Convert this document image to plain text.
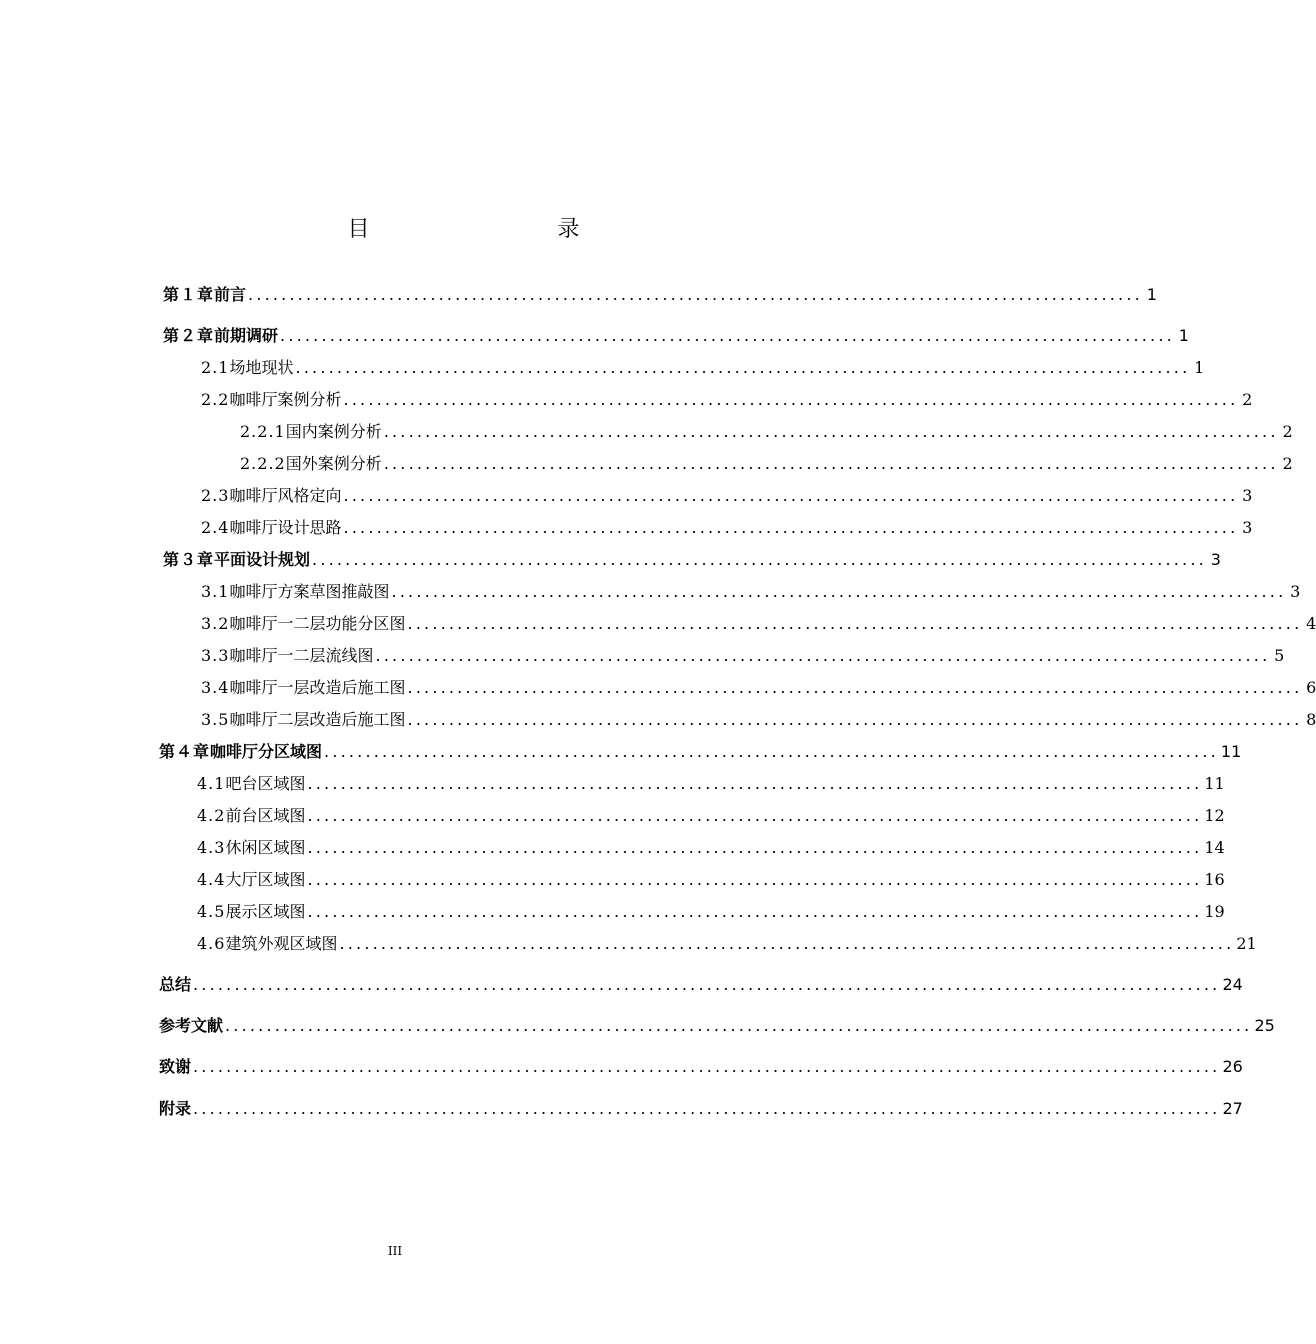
目　　录
第１章 前言 ............................................................................................................ 1
第２章 前期调研 ............................................................................................................ 1
2.1 场地现状 ............................................................................................................ 1
2.2 咖啡厅案例分析 ............................................................................................................ 2
2.2.1 国内案例分析 ............................................................................................................ 2
2.2.2 国外案例分析 ............................................................................................................ 2
2.3 咖啡厅风格定向 ............................................................................................................ 3
2.4 咖啡厅设计思路 ............................................................................................................ 3
第３章 平面设计规划 ............................................................................................................ 3
3.1 咖啡厅方案草图推敲图 ............................................................................................................ 3
3.2 咖啡厅一二层功能分区图 ............................................................................................................ 4
3.3 咖啡厅一二层流线图 ............................................................................................................ 5
3.4 咖啡厅一层改造后施工图 ............................................................................................................ 6
3.5 咖啡厅二层改造后施工图 ............................................................................................................ 8
第４章 咖啡厅分区域图 ............................................................................................................ 11
4.1 吧台区域图 ............................................................................................................ 11
4.2 前台区域图 ............................................................................................................ 12
4.3 休闲区域图 ............................................................................................................ 14
4.4 大厅区域图 ............................................................................................................ 16
4.5 展示区域图 ............................................................................................................ 19
4.6 建筑外观区域图 ............................................................................................................ 21
总结 ............................................................................................................................ 24
参考文献 ............................................................................................................................ 25
致谢 ............................................................................................................................ 26
附录 ............................................................................................................................ 27
III
